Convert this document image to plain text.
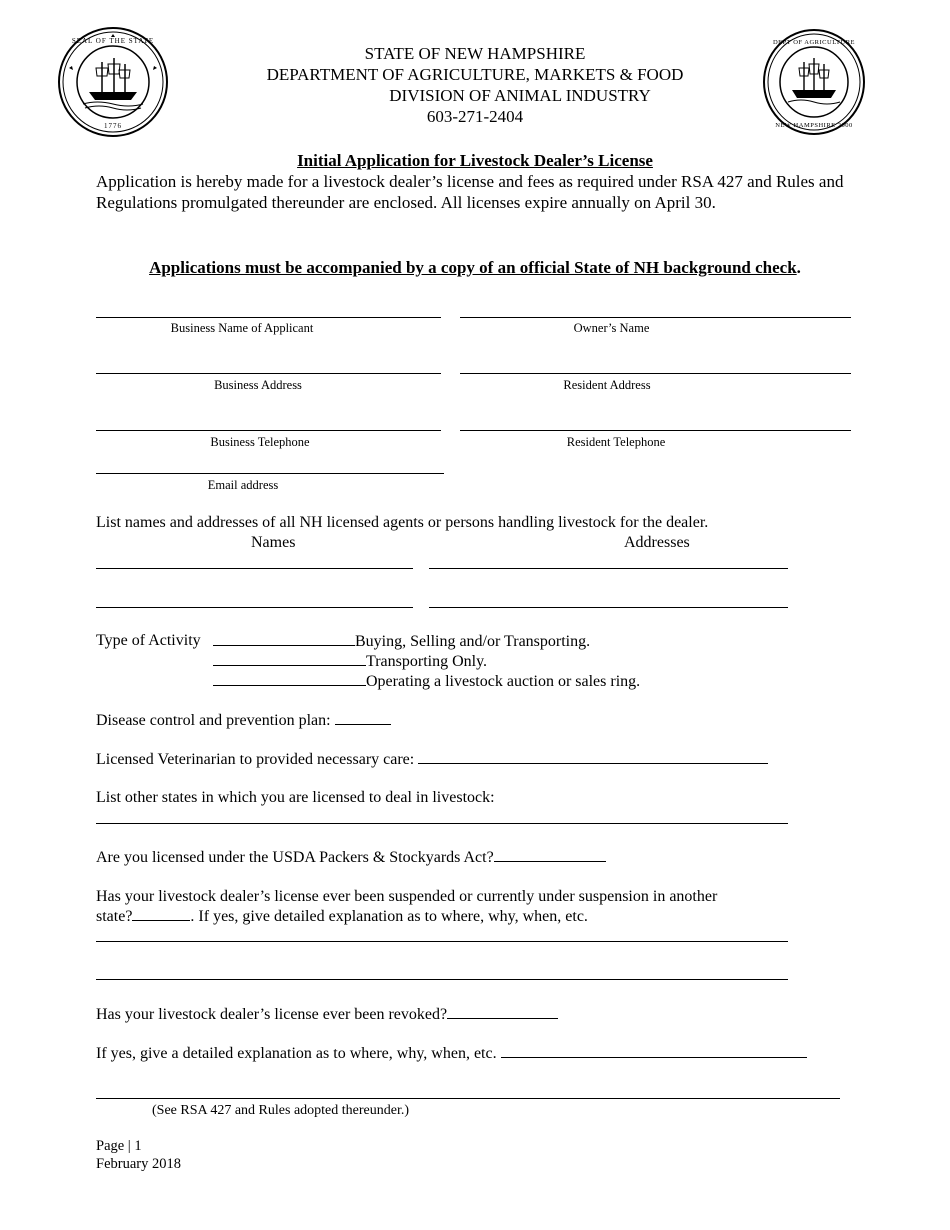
SEAL OF THE STATE
1776
DEPT OF AGRICULTURE
NEW HAMPSHIRE 2000
STATE OF NEW HAMPSHIRE
DEPARTMENT OF AGRICULTURE, MARKETS & FOOD
DIVISION OF ANIMAL INDUSTRY
603-271-2404
Initial Application for Livestock Dealer’s License
Application is hereby made for a livestock dealer’s license and fees as required under RSA 427 and Rules and Regulations promulgated thereunder are enclosed. All licenses expire annually on April 30.
Applications must be accompanied by a copy of an official State of NH background check.
Business Name of Applicant	Owner’s Name
Business Address	Resident Address
Business Telephone	Resident Telephone
Email address
List names and addresses of all NH licensed agents or persons handling livestock for the dealer.
Names	Addresses
Type of Activity	Buying, Selling and/or Transporting.
Transporting Only.
Operating a livestock auction or sales ring.
Disease control and prevention plan:
Licensed Veterinarian to provided necessary care:
List other states in which you are licensed to deal in livestock:
Are you licensed under the USDA Packers & Stockyards Act?
Has your livestock dealer’s license ever been suspended or currently under suspension in another
state?	. If yes, give detailed explanation as to where, why, when, etc.
Has your livestock dealer’s license ever been revoked?
If yes, give a detailed explanation as to where, why, when, etc.
(See RSA 427 and Rules adopted thereunder.)
Page | 1
February 2018
